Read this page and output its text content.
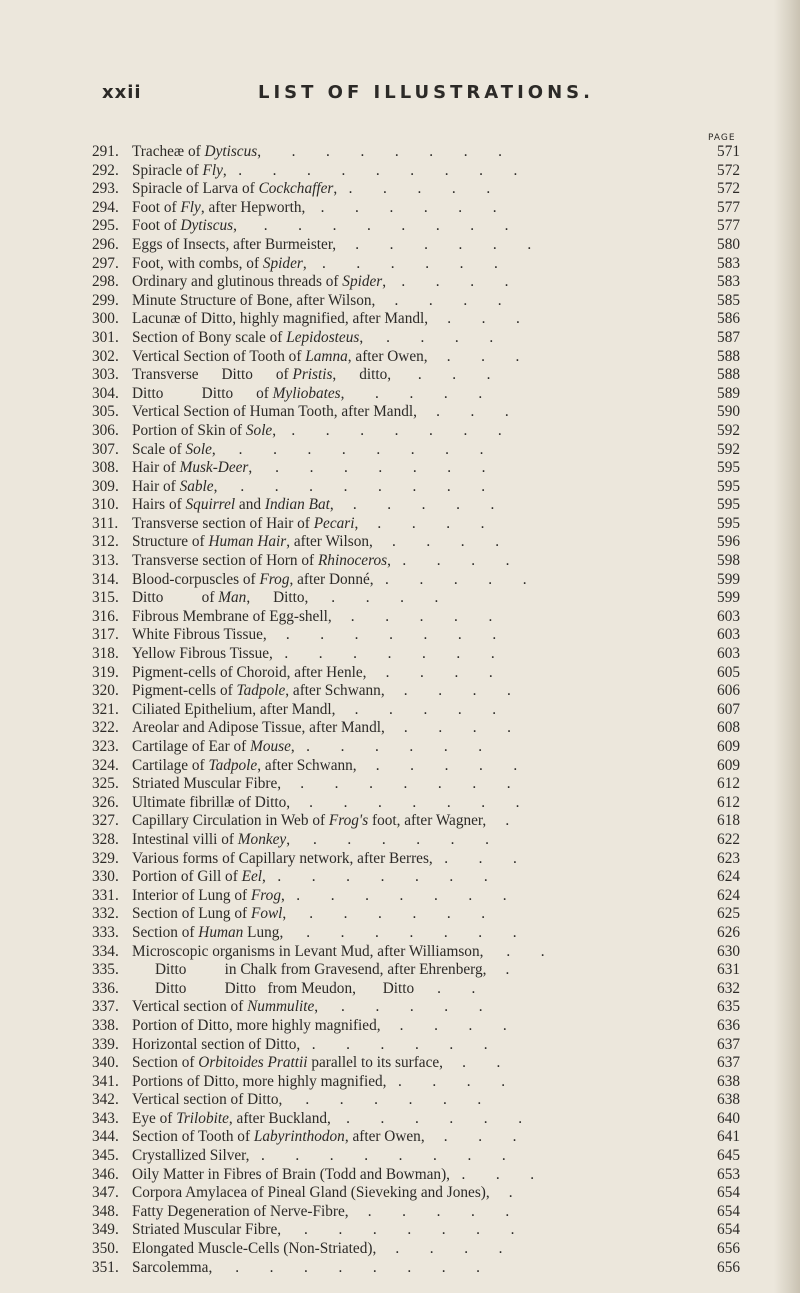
xxii	LIST OF ILLUSTRATIONS.
PAGE
291. Tracheæ of Dytiscus,        .        .        .        .        .        .        .	571
292. Spiracle of Fly,   .        .        .        .        .        .        .        .        .	572
293. Spiracle of Larva of Cockchaffer,   .        .        .        .        .	572
294. Foot of Fly, after Hepworth,    .        .        .        .        .        .	577
295. Foot of Dytiscus,       .        .        .        .        .        .        .        .	577
296. Eggs of Insects, after Burmeister,     .        .        .        .        .        .	580
297. Foot, with combs, of Spider,    .        .        .        .        .        .	583
298. Ordinary and glutinous threads of Spider,    .        .        .        .	583
299. Minute Structure of Bone, after Wilson,     .        .        .        .	585
300. Lacunæ of Ditto, highly magnified, after Mandl,     .        .        .	586
301. Section of Bony scale of Lepidosteus,      .        .        .        .	587
302. Vertical Section of Tooth of Lamna, after Owen,     .        .        .	588
303. Transverse      Ditto      of Pristis,      ditto,       .        .        .	588
304. Ditto          Ditto      of Myliobates,        .        .        .        .	589
305. Vertical Section of Human Tooth, after Mandl,     .        .        .	590
306. Portion of Skin of Sole,    .        .        .        .        .        .        .	592
307. Scale of Sole,      .        .        .        .        .        .        .        .	592
308. Hair of Musk-Deer,      .        .        .        .        .        .        .	595
309. Hair of Sable,      .        .        .        .        .        .        .        .	595
310. Hairs of Squirrel and Indian Bat,     .        .        .        .        .	595
311. Transverse section of Hair of Pecari,     .        .        .        .	595
312. Structure of Human Hair, after Wilson,     .        .        .        .	596
313. Transverse section of Horn of Rhinoceros,   .        .        .        .	598
314. Blood-corpuscles of Frog, after Donné,   .        .        .        .        .	599
315. Ditto          of Man,      Ditto,      .        .        .        .	599
316. Fibrous Membrane of Egg-shell,     .        .        .        .        .	603
317. White Fibrous Tissue,     .        .        .        .        .        .        .	603
318. Yellow Fibrous Tissue,   .        .        .        .        .        .        .	603
319. Pigment-cells of Choroid, after Henle,     .        .        .        .	605
320. Pigment-cells of Tadpole, after Schwann,     .        .        .        .	606
321. Ciliated Epithelium, after Mandl,     .        .        .        .        .	607
322. Areolar and Adipose Tissue, after Mandl,     .        .        .        .	608
323. Cartilage of Ear of Mouse,   .        .        .        .        .        .	609
324. Cartilage of Tadpole, after Schwann,     .        .        .        .        .	609
325. Striated Muscular Fibre,     .        .        .        .        .        .        .	612
326. Ultimate fibrillæ of Ditto,     .        .        .        .        .        .        .	612
327. Capillary Circulation in Web of Frog's foot, after Wagner,     .	618
328. Intestinal villi of Monkey,      .        .        .        .        .        .	622
329. Various forms of Capillary network, after Berres,   .        .        .	623
330. Portion of Gill of Eel,   .        .        .        .        .        .        .	624
331. Interior of Lung of Frog,   .        .        .        .        .        .        .	624
332. Section of Lung of Fowl,      .        .        .        .        .        .	625
333. Section of Human Lung,      .        .        .        .        .        .        .	626
334. Microscopic organisms in Levant Mud, after Williamson,      .        .	630
335. Ditto          in Chalk from Gravesend, after Ehrenberg,     .	631
336. Ditto          Ditto   from Meudon,       Ditto      .        .	632
337. Vertical section of Nummulite,      .        .        .        .        .	635
338. Portion of Ditto, more highly magnified,     .        .        .        .	636
339. Horizontal section of Ditto,   .        .        .        .        .        .	637
340. Section of Orbitoides Prattii parallel to its surface,     .        .	637
341. Portions of Ditto, more highly magnified,   .        .        .        .	638
342. Vertical section of Ditto,      .        .        .        .        .        .	638
343. Eye of Trilobite, after Buckland,    .        .        .        .        .        .	640
344. Section of Tooth of Labyrinthodon, after Owen,     .        .        .	641
345. Crystallized Silver,   .        .        .        .        .        .        .        .	645
346. Oily Matter in Fibres of Brain (Todd and Bowman),   .        .        .	653
347. Corpora Amylacea of Pineal Gland (Sieveking and Jones),     .	654
348. Fatty Degeneration of Nerve-Fibre,     .        .        .        .        .	654
349. Striated Muscular Fibre,      .        .        .        .        .        .        .	654
350. Elongated Muscle-Cells (Non-Striated),     .        .        .        .	656
351. Sarcolemma,      .        .        .        .        .        .        .        .	656
